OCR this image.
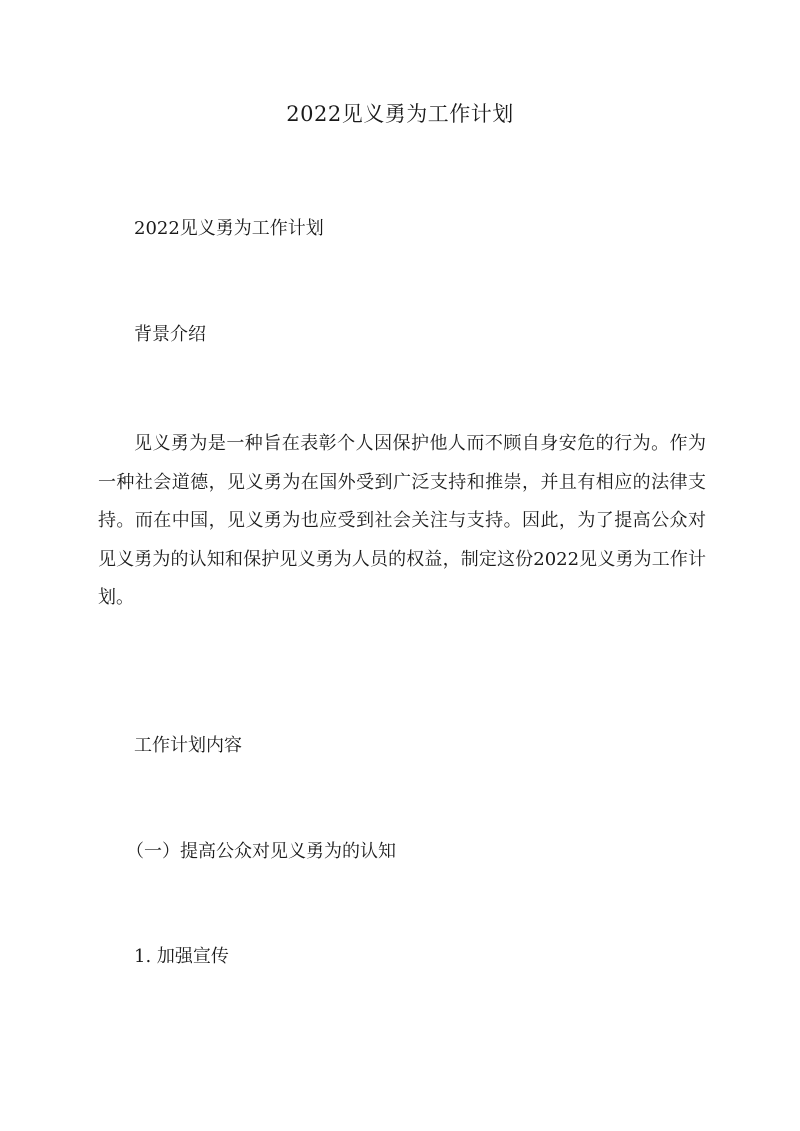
2022见义勇为工作计划
2022见义勇为工作计划
背景介绍
见义勇为是一种旨在表彰个人因保护他人而不顾自身安危的行为。作为一种社会道德，见义勇为在国外受到广泛支持和推崇，并且有相应的法律支持。而在中国，见义勇为也应受到社会关注与支持。因此，为了提高公众对见义勇为的认知和保护见义勇为人员的权益，制定这份2022见义勇为工作计划。
工作计划内容
（一）提高公众对见义勇为的认知
1. 加强宣传
